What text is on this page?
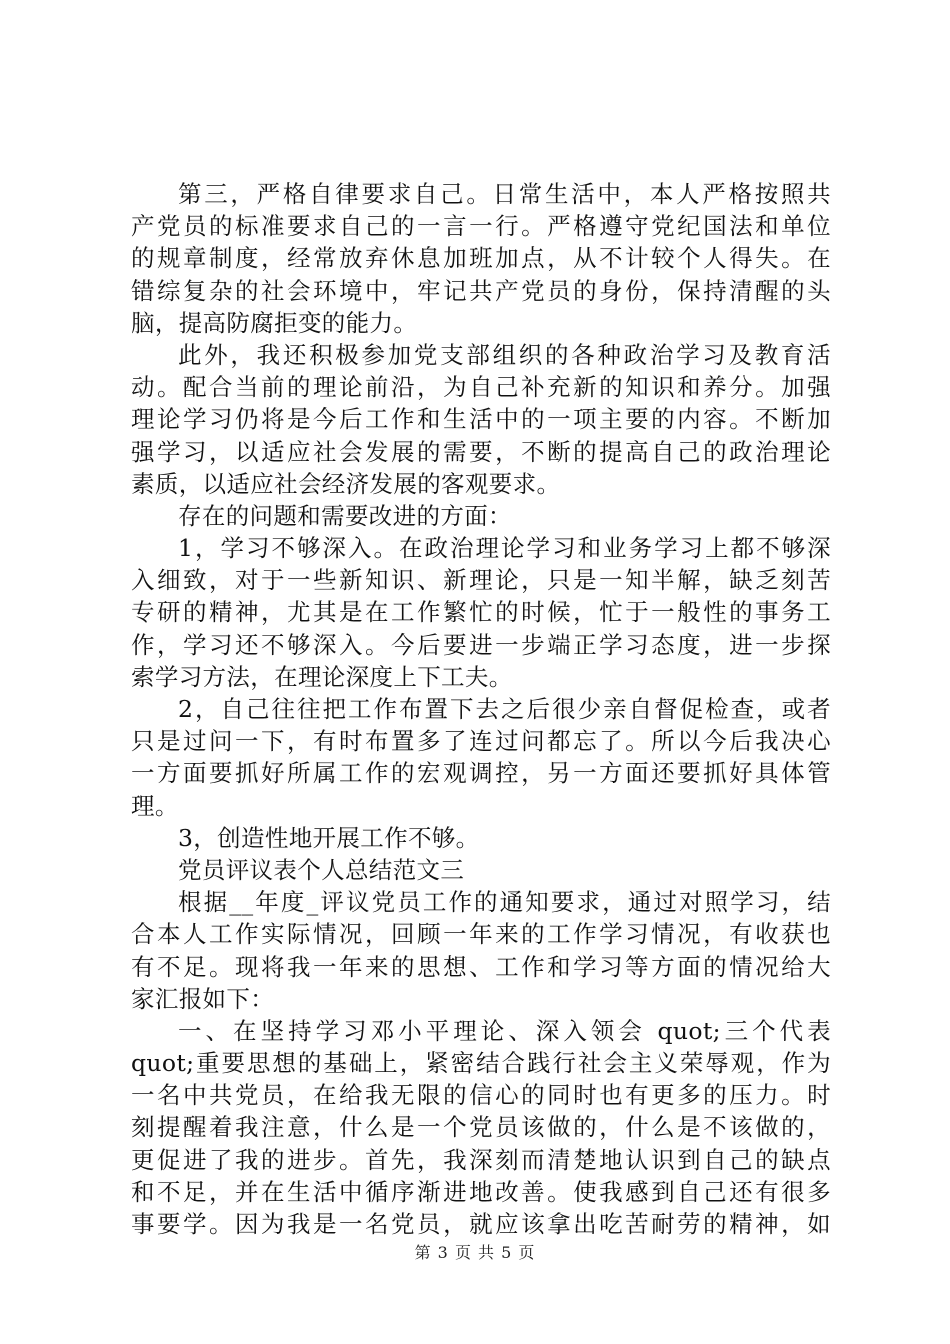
第三，严格自律要求自己。日常生活中，本人严格按照共
产党员的标准要求自己的一言一行。严格遵守党纪国法和单位
的规章制度，经常放弃休息加班加点，从不计较个人得失。在
错综复杂的社会环境中，牢记共产党员的身份，保持清醒的头
脑，提高防腐拒变的能力。
此外，我还积极参加党支部组织的各种政治学习及教育活
动。配合当前的理论前沿，为自己补充新的知识和养分。加强
理论学习仍将是今后工作和生活中的一项主要的内容。不断加
强学习，以适应社会发展的需要，不断的提高自己的政治理论
素质，以适应社会经济发展的客观要求。
存在的问题和需要改进的方面：
1，学习不够深入。在政治理论学习和业务学习上都不够深
入细致，对于一些新知识、新理论，只是一知半解，缺乏刻苦
专研的精神，尤其是在工作繁忙的时候，忙于一般性的事务工
作，学习还不够深入。今后要进一步端正学习态度，进一步探
索学习方法，在理论深度上下工夫。
2，自己往往把工作布置下去之后很少亲自督促检查，或者
只是过问一下，有时布置多了连过问都忘了。所以今后我决心
一方面要抓好所属工作的宏观调控，另一方面还要抓好具体管
理。
3，创造性地开展工作不够。
党员评议表个人总结范文三
根据__年度_评议党员工作的通知要求，通过对照学习，结
合本人工作实际情况，回顾一年来的工作学习情况，有收获也
有不足。现将我一年来的思想、工作和学习等方面的情况给大
家汇报如下：
一、在坚持学习邓小平理论、深入领会 quot;三个代表
quot;重要思想的基础上，紧密结合践行社会主义荣辱观，作为
一名中共党员，在给我无限的信心的同时也有更多的压力。时
刻提醒着我注意，什么是一个党员该做的，什么是不该做的，
更促进了我的进步。首先，我深刻而清楚地认识到自己的缺点
和不足，并在生活中循序渐进地改善。使我感到自己还有很多
事要学。因为我是一名党员，就应该拿出吃苦耐劳的精神，如
第 3 页 共 5 页
